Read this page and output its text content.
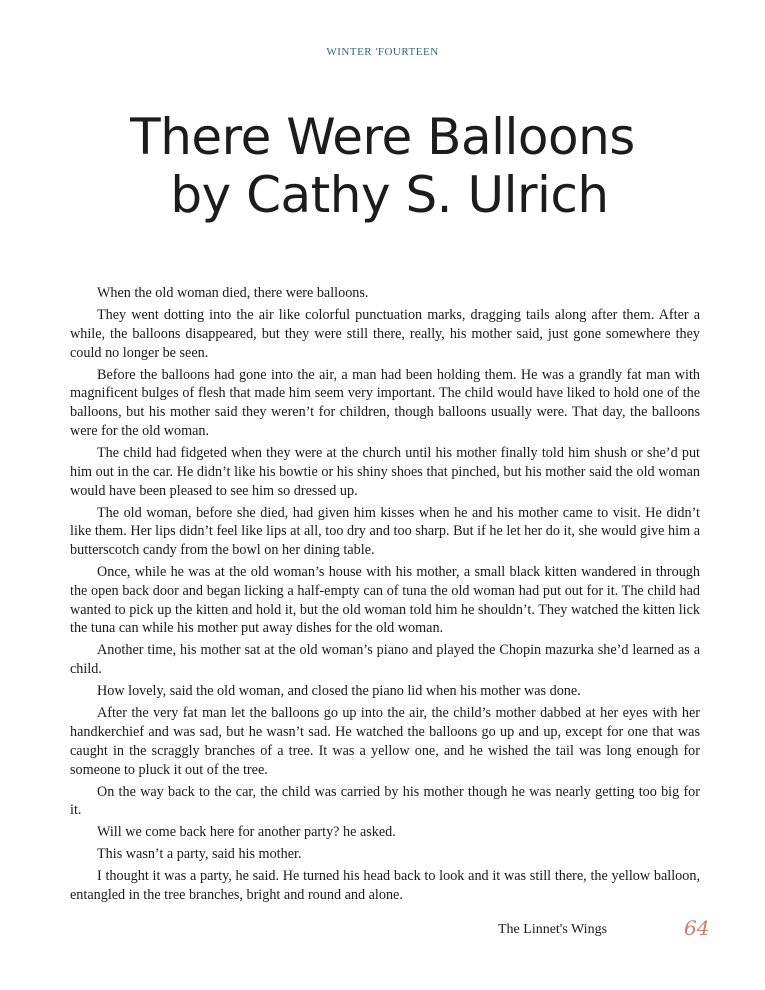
WINTER 'FOURTEEN
There Were Balloons
by Cathy S. Ulrich

When the old woman died, there were balloons.

They went dotting into the air like colorful punctuation marks, dragging tails along after them. After a while, the balloons disappeared, but they were still there, really, his mother said, just gone somewhere they could no longer be seen.

Before the balloons had gone into the air, a man had been holding them. He was a grandly fat man with magnificent bulges of flesh that made him seem very important. The child would have liked to hold one of the balloons, but his mother said they weren’t for children, though balloons usually were. That day, the balloons were for the old woman.

The child had fidgeted when they were at the church until his mother finally told him shush or she’d put him out in the car. He didn’t like his bowtie or his shiny shoes that pinched, but his mother said the old woman would have been pleased to see him so dressed up.

The old woman, before she died, had given him kisses when he and his mother came to visit. He didn’t like them. Her lips didn’t feel like lips at all, too dry and too sharp. But if he let her do it, she would give him a butterscotch candy from the bowl on her dining table.

Once, while he was at the old woman’s house with his mother, a small black kitten wandered in through the open back door and began licking a half-empty can of tuna the old woman had put out for it. The child had wanted to pick up the kitten and hold it, but the old woman told him he shouldn’t. They watched the kitten lick the tuna can while his mother put away dishes for the old woman.

Another time, his mother sat at the old woman’s piano and played the Chopin mazurka she’d learned as a child.

How lovely, said the old woman, and closed the piano lid when his mother was done.

After the very fat man let the balloons go up into the air, the child’s mother dabbed at her eyes with her handkerchief and was sad, but he wasn’t sad. He watched the balloons go up and up, except for one that was caught in the scraggly branches of a tree. It was a yellow one, and he wished the tail was long enough for someone to pluck it out of the tree.

On the way back to the car, the child was carried by his mother though he was nearly getting too big for it.

Will we come back here for another party? he asked.

This wasn’t a party, said his mother.

I thought it was a party, he said. He turned his head back to look and it was still there, the yellow balloon, entangled in the tree branches, bright and round and alone.

The Linnet's Wings	64
